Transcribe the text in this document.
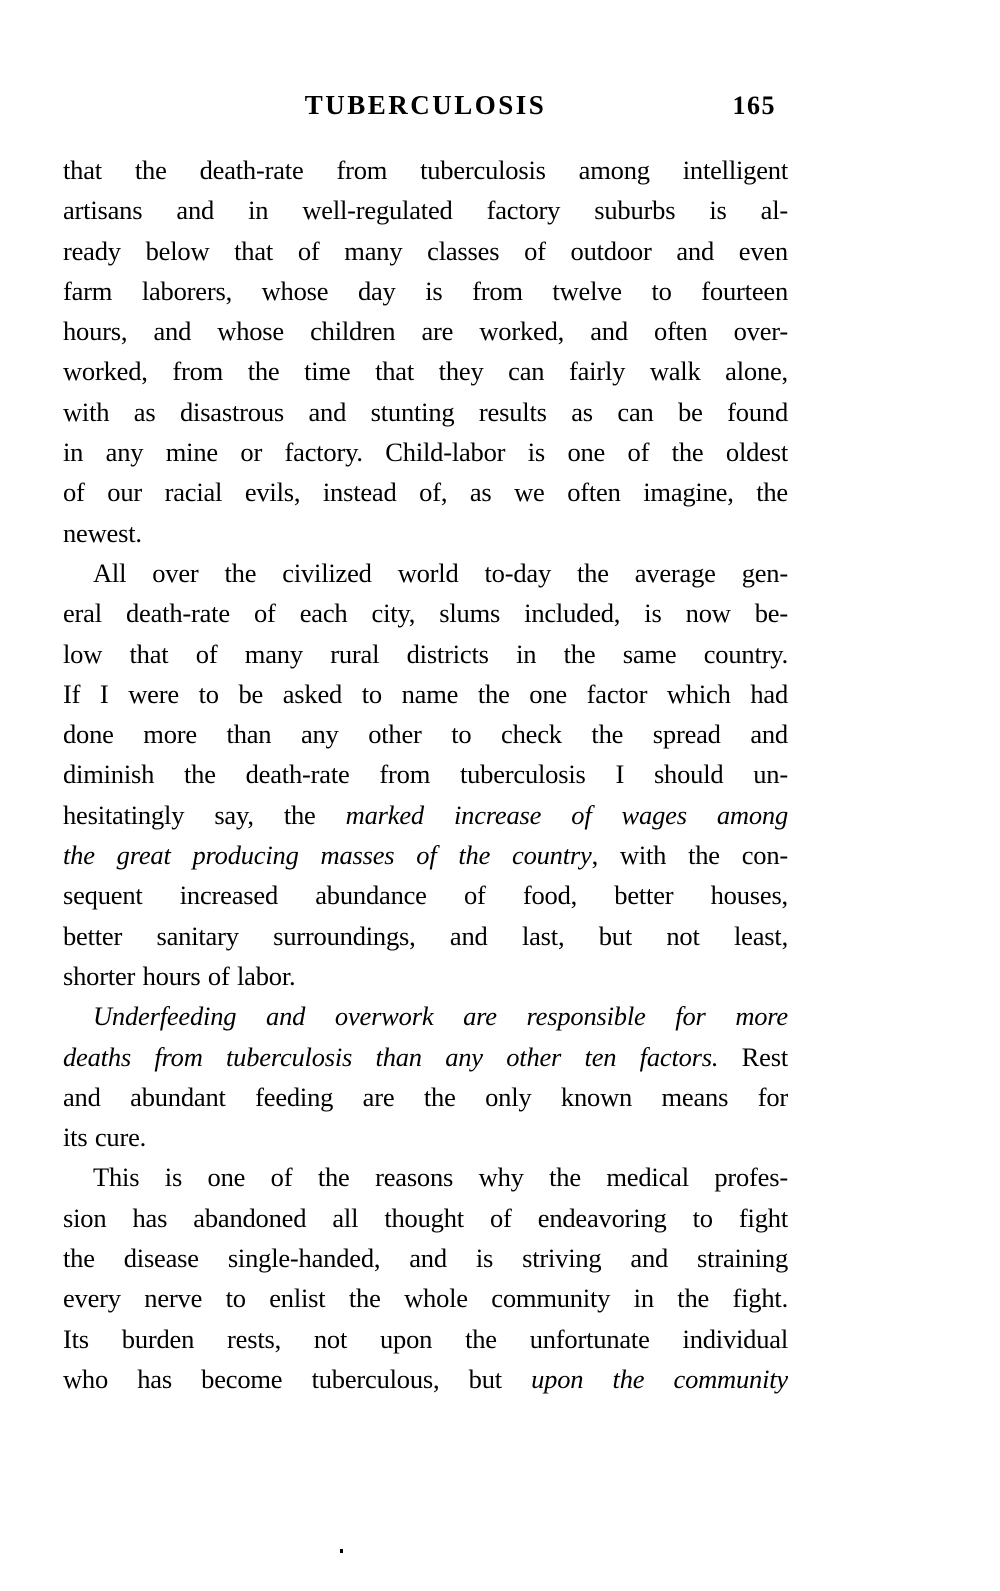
TUBERCULOSIS	165
that the death-rate from tuberculosis among intelligent
artisans and in well-regulated factory suburbs is al-
ready below that of many classes of outdoor and even
farm laborers, whose day is from twelve to fourteen
hours, and whose children are worked, and often over-
worked, from the time that they can fairly walk alone,
with as disastrous and stunting results as can be found
in any mine or factory. Child-labor is one of the oldest
of our racial evils, instead of, as we often imagine, the
newest.
All over the civilized world to-day the average gen-
eral death-rate of each city, slums included, is now be-
low that of many rural districts in the same country.
If I were to be asked to name the one factor which had
done more than any other to check the spread and
diminish the death-rate from tuberculosis I should un-
hesitatingly say, the marked increase of wages among
the great producing masses of the country, with the con-
sequent increased abundance of food, better houses,
better sanitary surroundings, and last, but not least,
shorter hours of labor.
Underfeeding and overwork are responsible for more
deaths from tuberculosis than any other ten factors. Rest
and abundant feeding are the only known means for
its cure.
This is one of the reasons why the medical profes-
sion has abandoned all thought of endeavoring to fight
the disease single-handed, and is striving and straining
every nerve to enlist the whole community in the fight.
Its burden rests, not upon the unfortunate individual
who has become tuberculous, but upon the community
